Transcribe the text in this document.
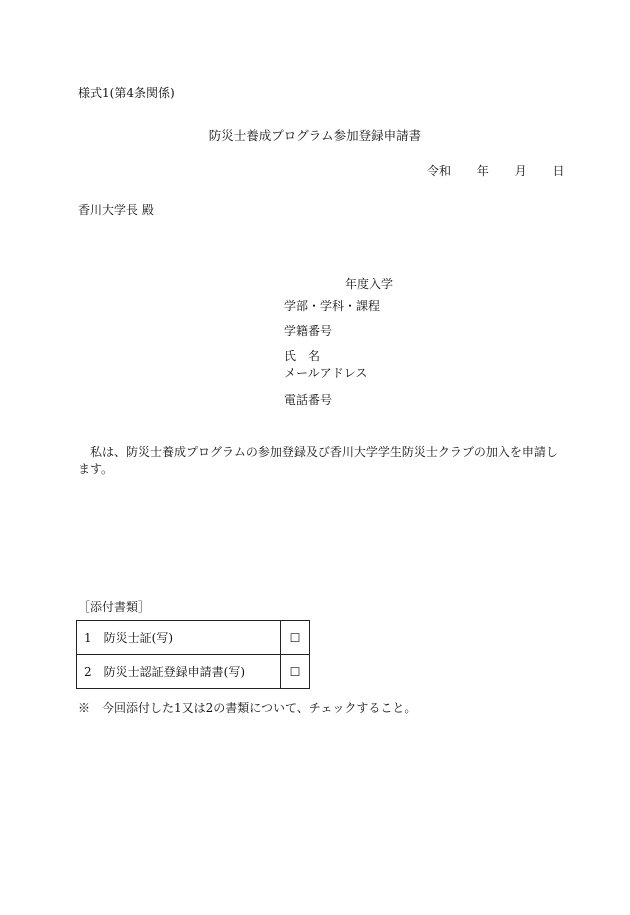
様式1(第4条関係)
防災士養成プログラム参加登録申請書
令和 年 月 日
香川大学長 殿
年度入学
学部・学科・課程
学籍番号
氏　名
メールアドレス
電話番号
私は、防災士養成プログラムの参加登録及び香川大学学生防災士クラブの加入を申請します。
［添付書類］
1　防災士証(写)	☐
2　防災士認証登録申請書(写)	☐
※　今回添付した1又は2の書類について、チェックすること。
